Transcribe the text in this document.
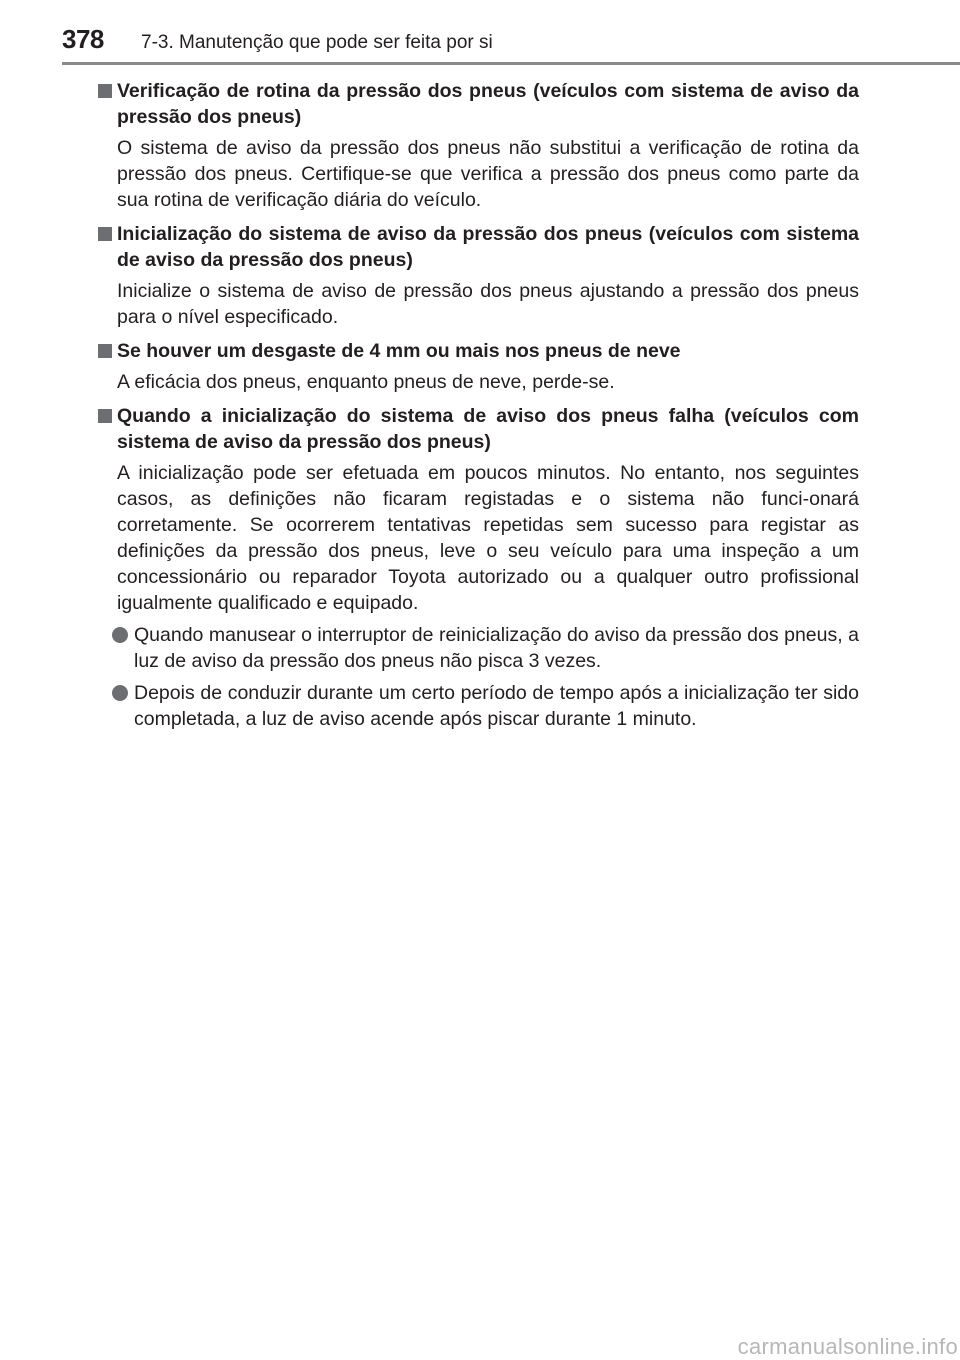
378 7-3. Manutenção que pode ser feita por si
Verificação de rotina da pressão dos pneus (veículos com sistema de aviso da pressão dos pneus)
O sistema de aviso da pressão dos pneus não substitui a verificação de rotina da pressão dos pneus. Certifique-se que verifica a pressão dos pneus como parte da sua rotina de verificação diária do veículo.
Inicialização do sistema de aviso da pressão dos pneus (veículos com sistema de aviso da pressão dos pneus)
Inicialize o sistema de aviso de pressão dos pneus ajustando a pressão dos pneus para o nível especificado.
Se houver um desgaste de 4 mm ou mais nos pneus de neve
A eficácia dos pneus, enquanto pneus de neve, perde-se.
Quando a inicialização do sistema de aviso dos pneus falha (veículos com sistema de aviso da pressão dos pneus)
A inicialização pode ser efetuada em poucos minutos. No entanto, nos seguintes casos, as definições não ficaram registadas e o sistema não funci-onará corretamente. Se ocorrerem tentativas repetidas sem sucesso para registar as definições da pressão dos pneus, leve o seu veículo para uma inspeção a um concessionário ou reparador Toyota autorizado ou a qualquer outro profissional igualmente qualificado e equipado.
Quando manusear o interruptor de reinicialização do aviso da pressão dos pneus, a luz de aviso da pressão dos pneus não pisca 3 vezes.
Depois de conduzir durante um certo período de tempo após a inicialização ter sido completada, a luz de aviso acende após piscar durante 1 minuto.
carmanualsonline.info
